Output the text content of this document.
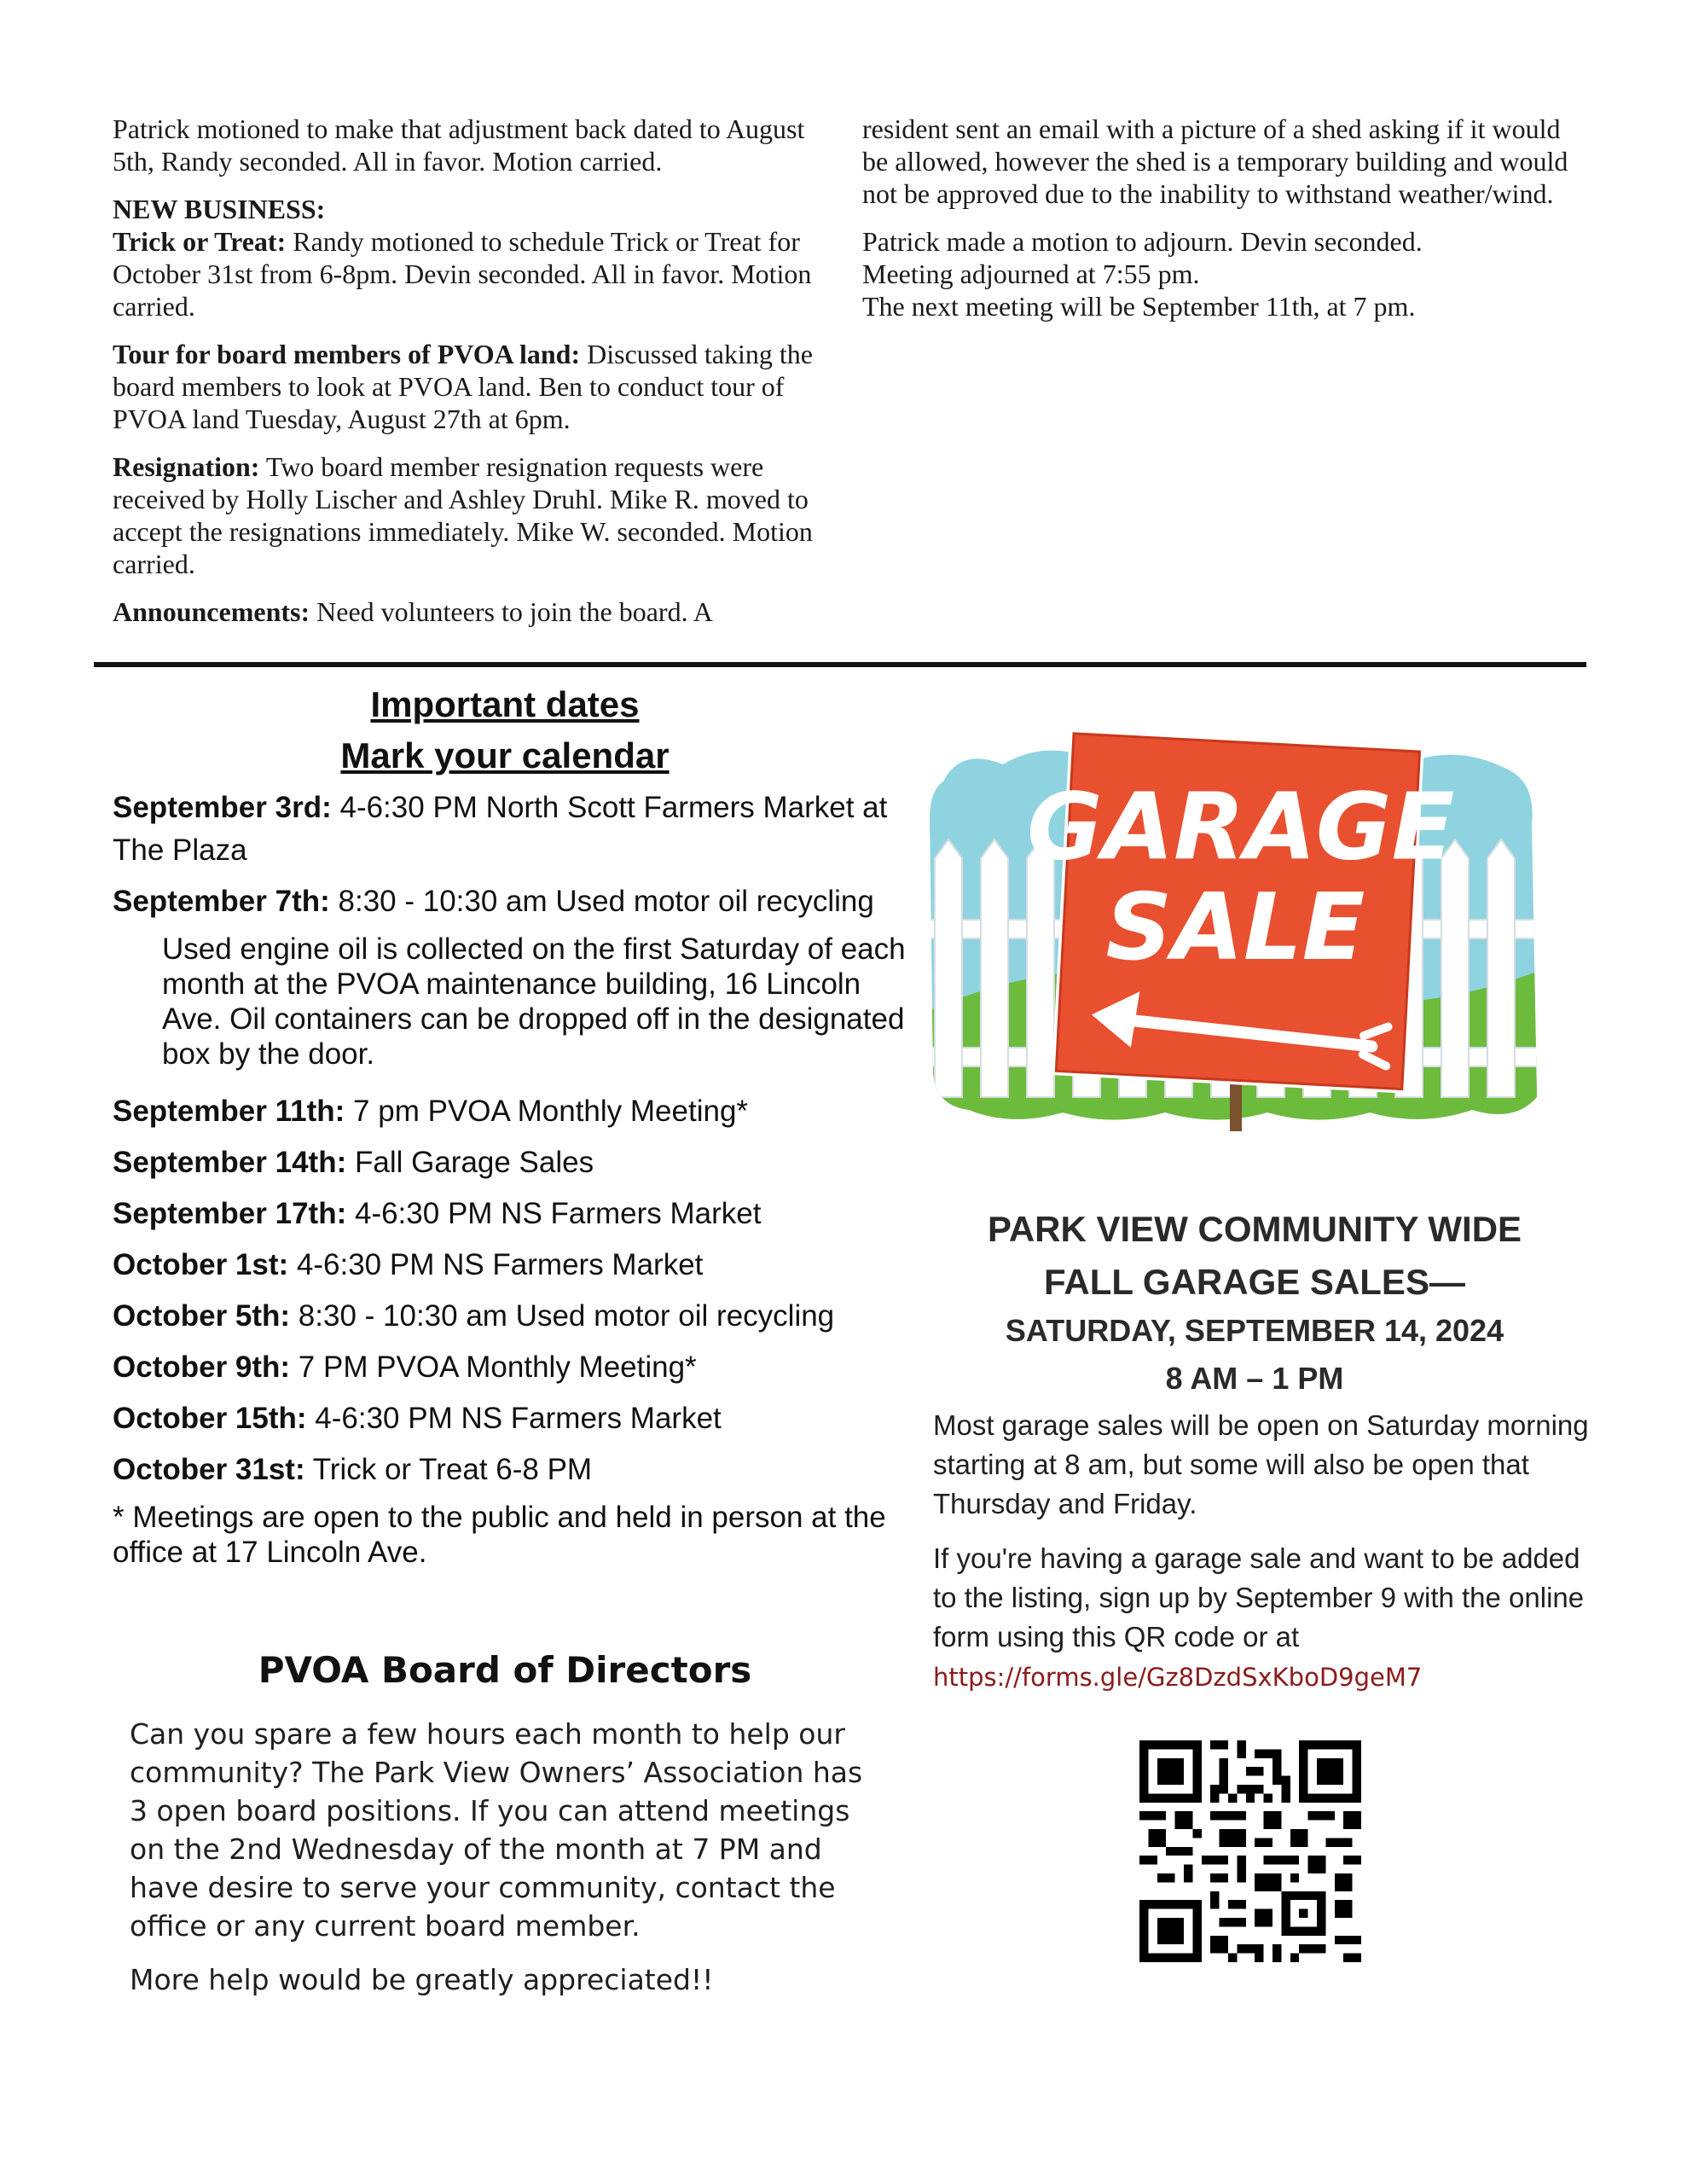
Patrick motioned to make that adjustment back dated to August 5th, Randy seconded. All in favor. Motion carried.

NEW BUSINESS:

Trick or Treat: Randy motioned to schedule Trick or Treat for October 31st from 6-8pm. Devin seconded. All in favor. Motion carried.

Tour for board members of PVOA land: Discussed taking the board members to look at PVOA land. Ben to conduct tour of PVOA land Tuesday, August 27th at 6pm.

Resignation: Two board member resignation requests were received by Holly Lischer and Ashley Druhl. Mike R. moved to accept the resignations immediately. Mike W. seconded. Motion carried.

Announcements: Need volunteers to join the board. A

resident sent an email with a picture of a shed asking if it would be allowed, however the shed is a temporary building and would not be approved due to the inability to withstand weather/wind.

Patrick made a motion to adjourn. Devin seconded.

Meeting adjourned at 7:55 pm.

The next meeting will be September 11th, at 7 pm.

Important dates
Mark your calendar
September 3rd: 4-6:30 PM North Scott Farmers Market at The Plaza
September 7th: 8:30 - 10:30 am Used motor oil recycling
Used engine oil is collected on the first Saturday of each month at the PVOA maintenance building, 16 Lincoln Ave. Oil containers can be dropped off in the designated box by the door.
September 11th: 7 pm PVOA Monthly Meeting*
September 14th: Fall Garage Sales
September 17th: 4-6:30 PM NS Farmers Market
October 1st: 4-6:30 PM NS Farmers Market
October 5th: 8:30 - 10:30 am Used motor oil recycling
October 9th: 7 PM PVOA Monthly Meeting*
October 15th: 4-6:30 PM NS Farmers Market
October 31st: Trick or Treat 6-8 PM
* Meetings are open to the public and held in person at the office at 17 Lincoln Ave.
PVOA Board of Directors

Can you spare a few hours each month to help our community? The Park View Owners’ Association has 3 open board positions. If you can attend meetings on the 2nd Wednesday of the month at 7 PM and have desire to serve your community, contact the office or any current board member.

More help would be greatly appreciated!!

GARAGE
SALE
PARK VIEW COMMUNITY WIDE
FALL GARAGE SALES—
SATURDAY, SEPTEMBER 14, 2024
8 AM – 1 PM

Most garage sales will be open on Saturday morning starting at 8 am, but some will also be open that Thursday and Friday.

If you're having a garage sale and want to be added to the listing, sign up by September 9 with the online form using this QR code or at
https://forms.gle/Gz8DzdSxKboD9geM7
